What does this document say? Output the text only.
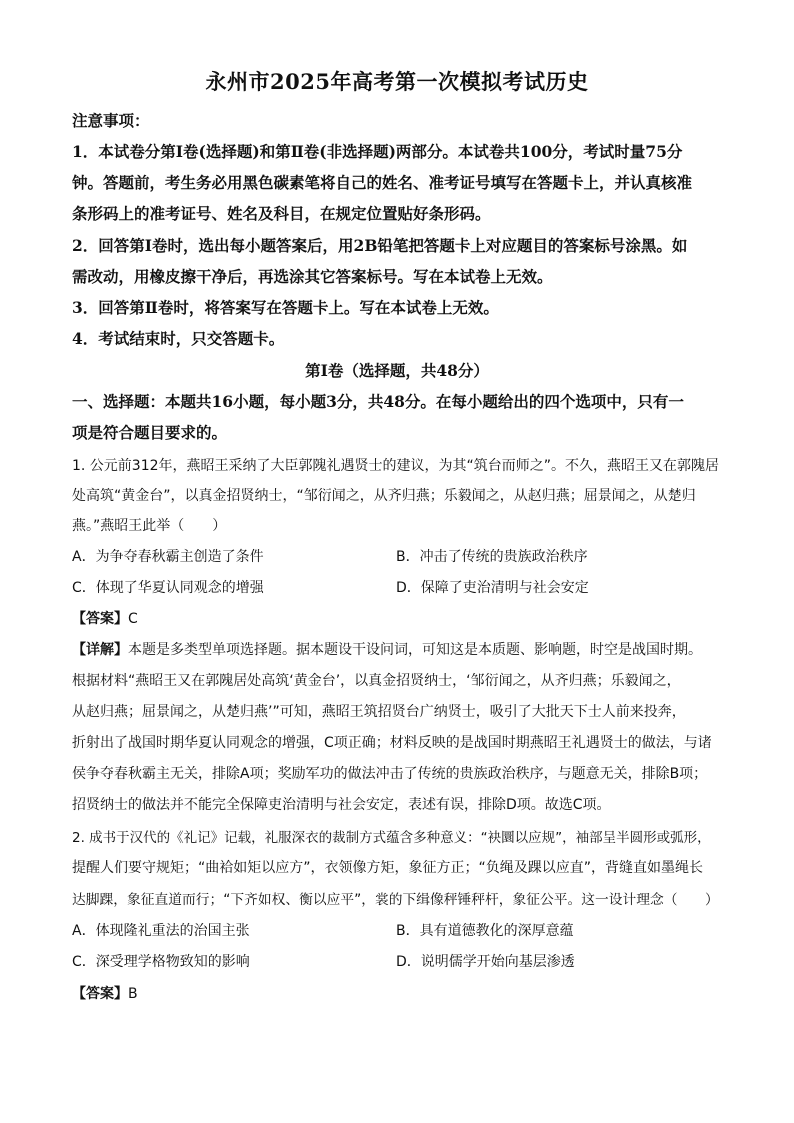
永州市2025年高考第一次模拟考试历史
注意事项：
1．本试卷分第Ⅰ卷(选择题)和第Ⅱ卷(非选择题)两部分。本试卷共100分，考试时量75分
钟。答题前，考生务必用黑色碳素笔将自己的姓名、准考证号填写在答题卡上，并认真核准
条形码上的准考证号、姓名及科目，在规定位置贴好条形码。
2．回答第Ⅰ卷时，选出每小题答案后，用2B铅笔把答题卡上对应题目的答案标号涂黑。如
需改动，用橡皮擦干净后，再选涂其它答案标号。写在本试卷上无效。
3．回答第Ⅱ卷时，将答案写在答题卡上。写在本试卷上无效。
4．考试结束时，只交答题卡。
第Ⅰ卷（选择题，共48分）
一、选择题：本题共16小题，每小题3分，共48分。在每小题给出的四个选项中，只有一
项是符合题目要求的。
1. 公元前312年，燕昭王采纳了大臣郭隗礼遇贤士的建议，为其“筑台而师之”。不久，燕昭王又在郭隗居
处高筑“黄金台”，以真金招贤纳士，“邹衍闻之，从齐归燕；乐毅闻之，从赵归燕；屈景闻之，从楚归
燕。”燕昭王此举（　　）
A．为争夺春秋霸主创造了条件	B．冲击了传统的贵族政治秩序
C．体现了华夏认同观念的增强	D．保障了吏治清明与社会安定
【答案】C
【详解】本题是多类型单项选择题。据本题设干设问词，可知这是本质题、影响题，时空是战国时期。
根据材料“燕昭王又在郭隗居处高筑‘黄金台’，以真金招贤纳士，‘邹衍闻之，从齐归燕；乐毅闻之，
从赵归燕；屈景闻之，从楚归燕’”可知，燕昭王筑招贤台广纳贤士，吸引了大批天下士人前来投奔，
折射出了战国时期华夏认同观念的增强，C项正确；材料反映的是战国时期燕昭王礼遇贤士的做法，与诸
侯争夺春秋霸主无关，排除A项；奖励军功的做法冲击了传统的贵族政治秩序，与题意无关，排除B项；
招贤纳士的做法并不能完全保障吏治清明与社会安定，表述有误，排除D项。故选C项。
2. 成书于汉代的《礼记》记载，礼服深衣的裁制方式蕴含多种意义：“袂圜以应规”，袖部呈半圆形或弧形，
提醒人们要守规矩；“曲袷如矩以应方”，衣领像方矩，象征方正；“负绳及踝以应直”，背缝直如墨绳长
达脚踝，象征直道而行；“下齐如权、衡以应平”，裳的下缉像秤锤秤杆，象征公平。这一设计理念（　　）
A．体现隆礼重法的治国主张	B．具有道德教化的深厚意蕴
C．深受理学格物致知的影响	D．说明儒学开始向基层渗透
【答案】B
